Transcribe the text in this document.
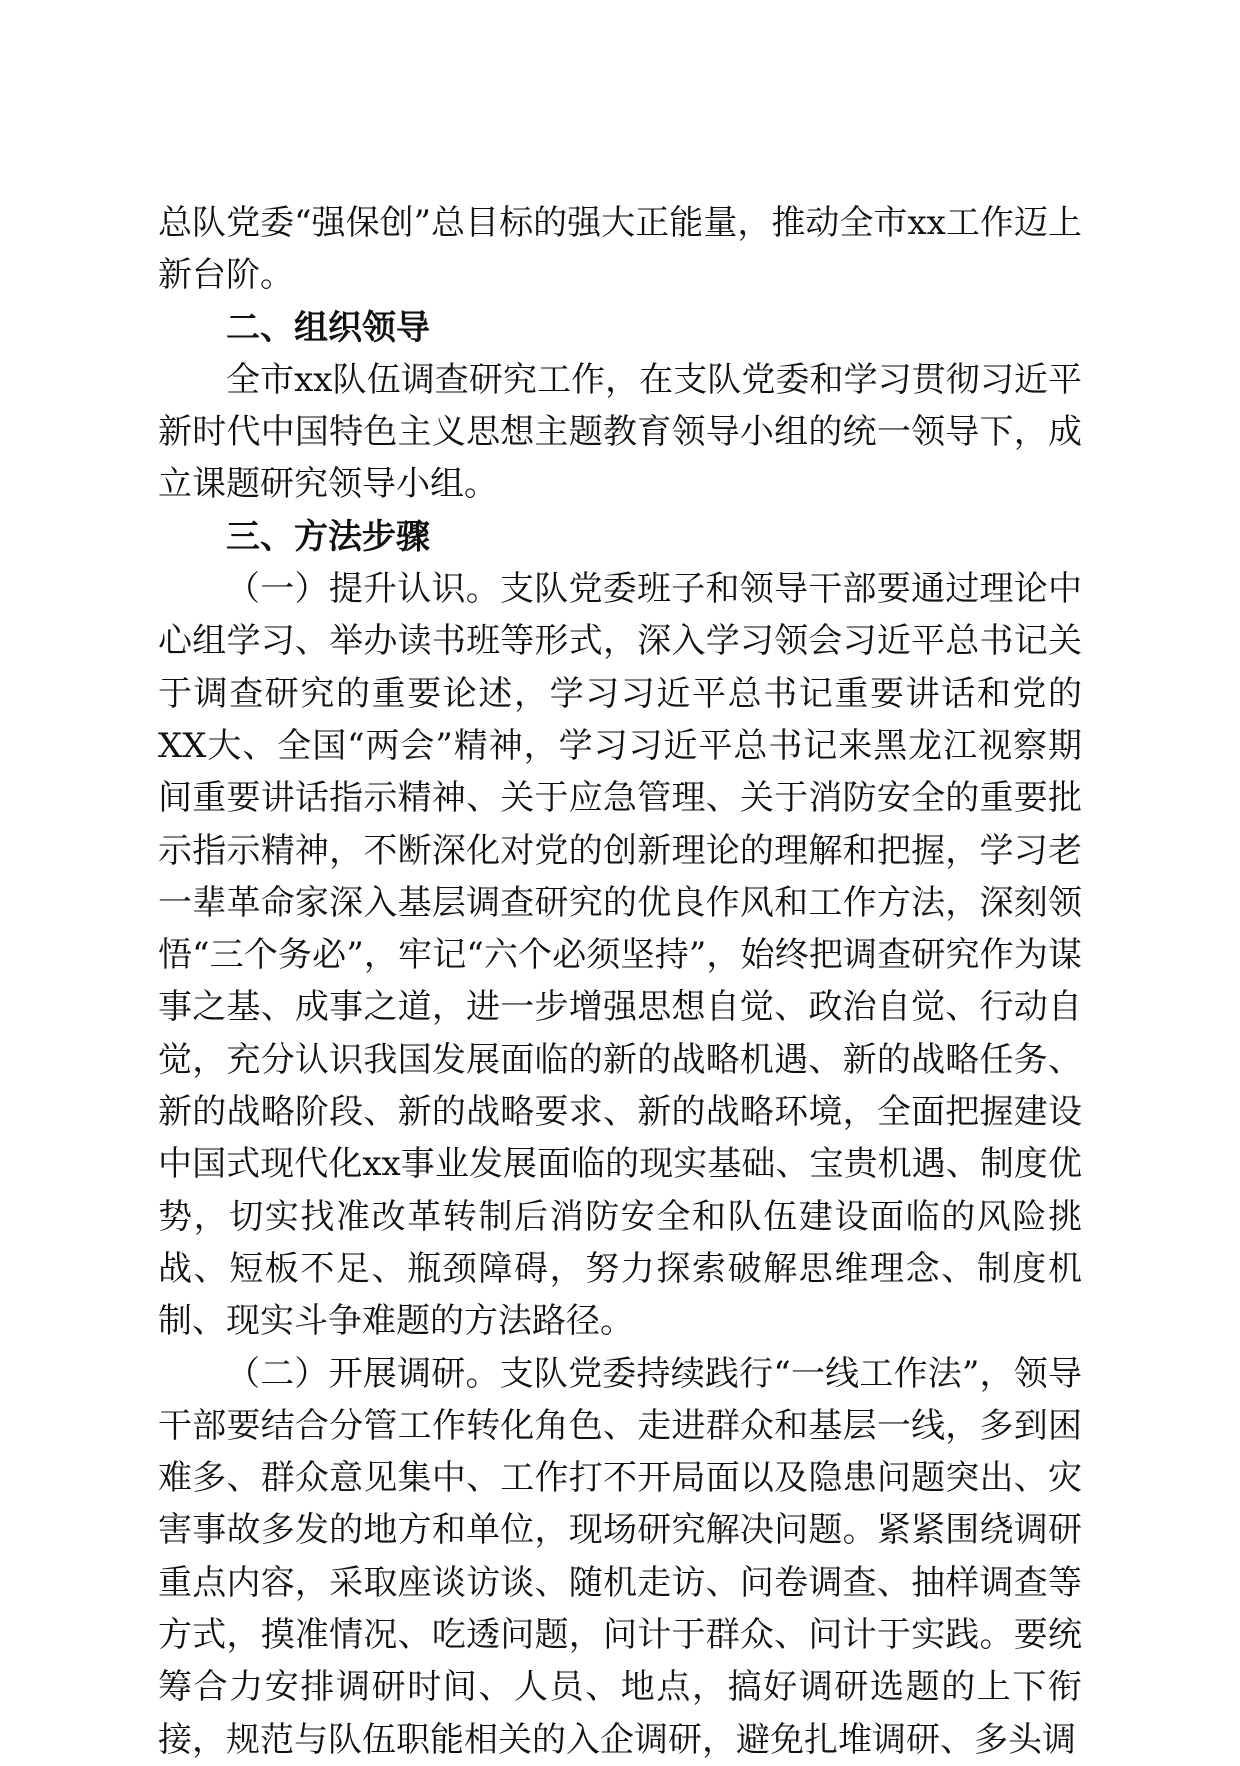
总队党委“强保创”总目标的强大正能量，推动全市xx工作迈上新台阶。

二、组织领导

全市xx队伍调查研究工作，在支队党委和学习贯彻习近平新时代中国特色主义思想主题教育领导小组的统一领导下，成立课题研究领导小组。

三、方法步骤

（一）提升认识。支队党委班子和领导干部要通过理论中心组学习、举办读书班等形式，深入学习领会习近平总书记关于调查研究的重要论述，学习习近平总书记重要讲话和党的XX大、全国“两会”精神，学习习近平总书记来黑龙江视察期间重要讲话指示精神、关于应急管理、关于消防安全的重要批示指示精神，不断深化对党的创新理论的理解和把握，学习老一辈革命家深入基层调查研究的优良作风和工作方法，深刻领悟“三个务必”，牢记“六个必须坚持”，始终把调查研究作为谋事之基、成事之道，进一步增强思想自觉、政治自觉、行动自觉，充分认识我国发展面临的新的战略机遇、新的战略任务、新的战略阶段、新的战略要求、新的战略环境，全面把握建设中国式现代化xx事业发展面临的现实基础、宝贵机遇、制度优势，切实找准改革转制后消防安全和队伍建设面临的风险挑战、短板不足、瓶颈障碍，努力探索破解思维理念、制度机制、现实斗争难题的方法路径。

（二）开展调研。支队党委持续践行“一线工作法”，领导干部要结合分管工作转化角色、走进群众和基层一线，多到困难多、群众意见集中、工作打不开局面以及隐患问题突出、灾害事故多发的地方和单位，现场研究解决问题。紧紧围绕调研重点内容，采取座谈访谈、随机走访、问卷调查、抽样调查等方式，摸准情况、吃透问题，问计于群众、问计于实践。要统筹合力安排调研时间、人员、地点，搞好调研选题的上下衔接，规范与队伍职能相关的入企调研，避免扎堆调研、多头调
